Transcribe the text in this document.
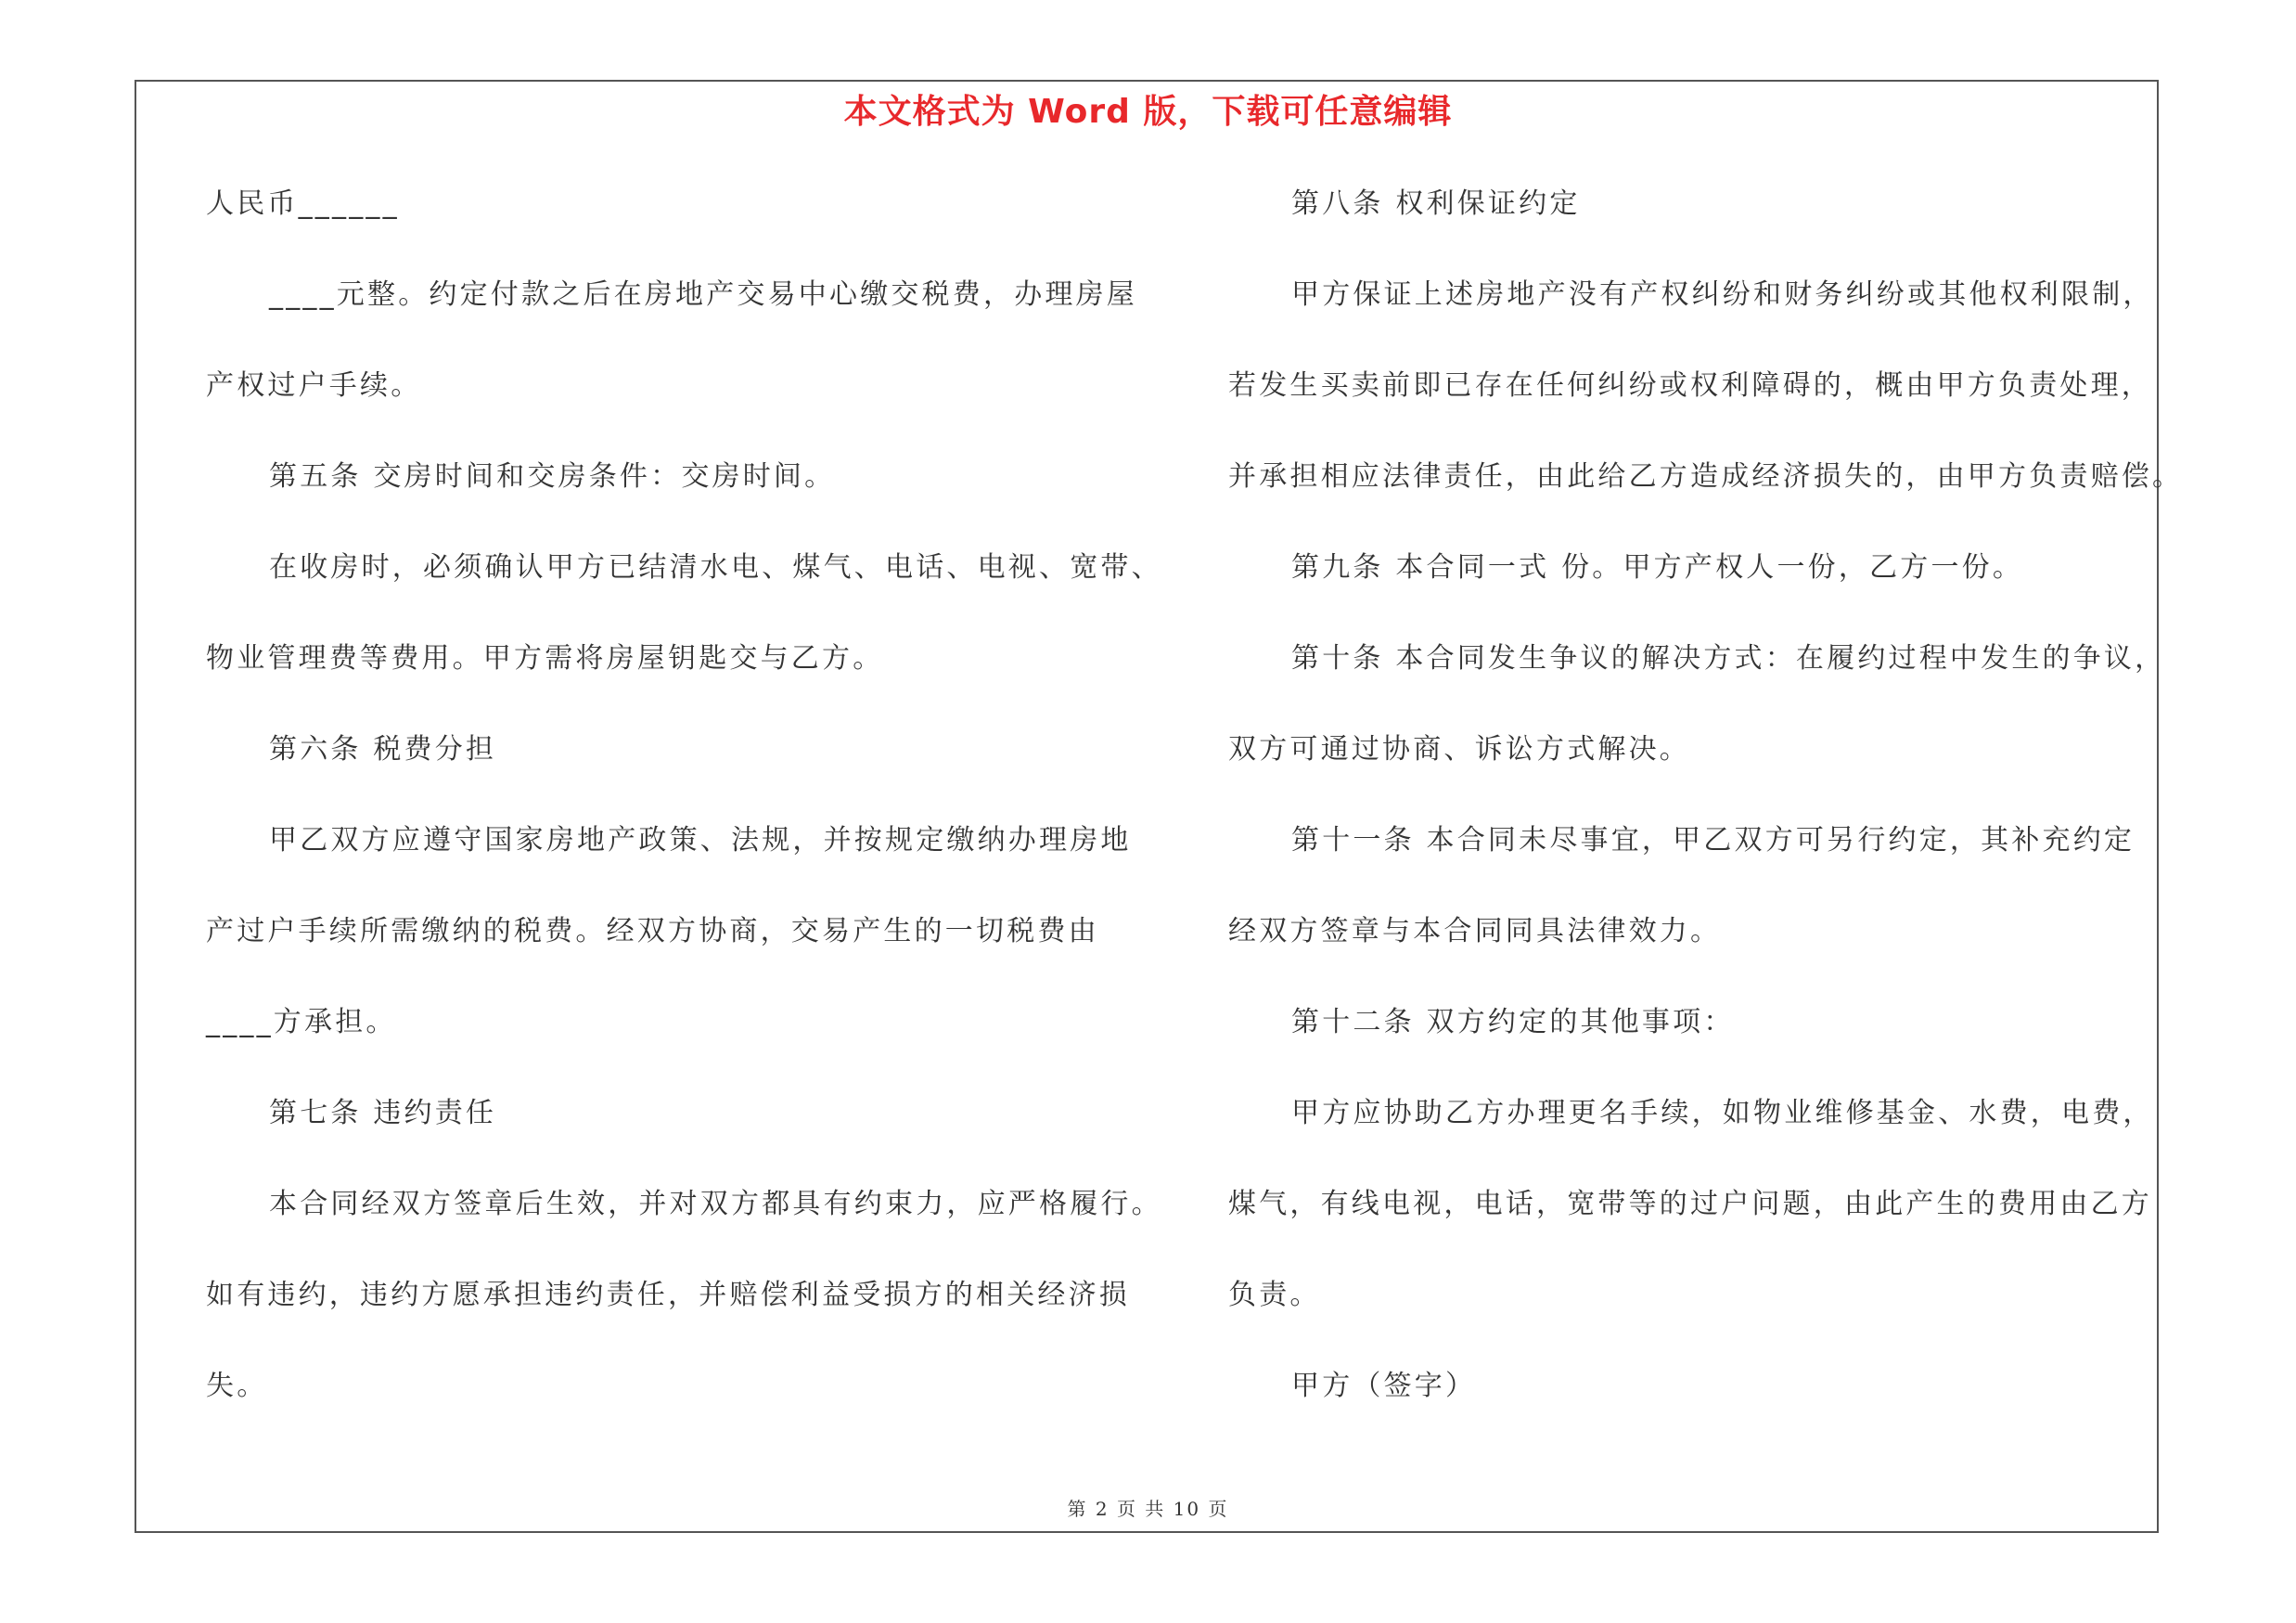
本文格式为 Word 版，下载可任意编辑
人民币______
____元整。约定付款之后在房地产交易中心缴交税费，办理房屋
产权过户手续。
第五条 交房时间和交房条件：交房时间。
在收房时，必须确认甲方已结清水电、煤气、电话、电视、宽带、
物业管理费等费用。甲方需将房屋钥匙交与乙方。
第六条 税费分担
甲乙双方应遵守国家房地产政策、法规，并按规定缴纳办理房地
产过户手续所需缴纳的税费。经双方协商，交易产生的一切税费由
____方承担。
第七条 违约责任
本合同经双方签章后生效，并对双方都具有约束力，应严格履行。
如有违约，违约方愿承担违约责任，并赔偿利益受损方的相关经济损
失。
第八条 权利保证约定
甲方保证上述房地产没有产权纠纷和财务纠纷或其他权利限制，
若发生买卖前即已存在任何纠纷或权利障碍的，概由甲方负责处理，
并承担相应法律责任，由此给乙方造成经济损失的，由甲方负责赔偿。
第九条 本合同一式 份。甲方产权人一份，乙方一份。
第十条 本合同发生争议的解决方式：在履约过程中发生的争议，
双方可通过协商、诉讼方式解决。
第十一条 本合同未尽事宜，甲乙双方可另行约定，其补充约定
经双方签章与本合同同具法律效力。
第十二条 双方约定的其他事项：
甲方应协助乙方办理更名手续，如物业维修基金、水费，电费，
煤气，有线电视，电话，宽带等的过户问题，由此产生的费用由乙方
负责。
甲方（签字）
第 2 页 共 10 页
